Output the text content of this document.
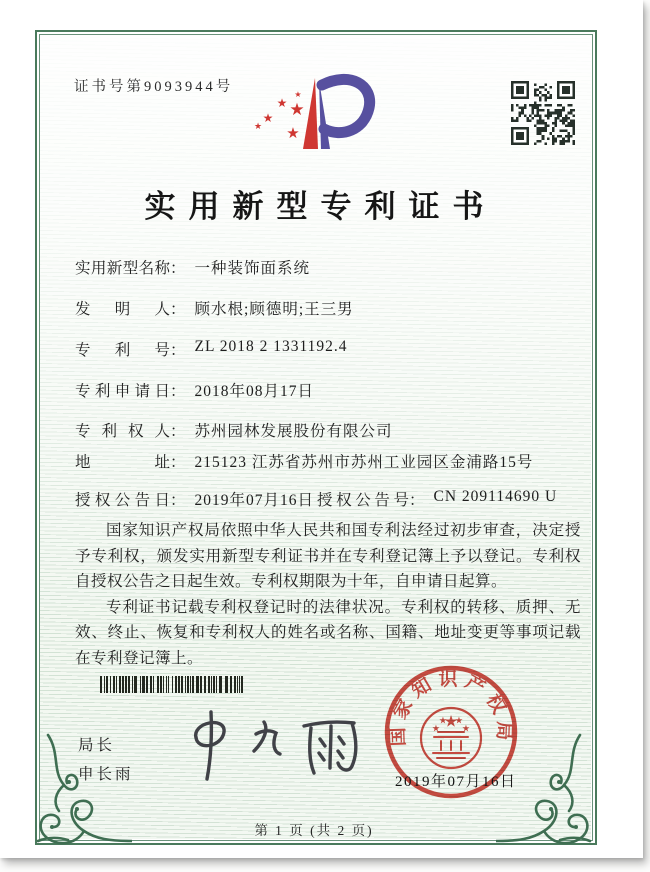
证书号第9093944号
★
★
★
★ ★
★
实用新型专利证书
实用新型名称 ： 一种装饰面系统
发明人 ： 顾水根;顾德明;王三男
专利号 ： ZL 2018 2 1331192.4
专利申请日 ： 2018年08月17日
专利权人 ： 苏州园林发展股份有限公司
地址 ： 215123 江苏省苏州市苏州工业园区金浦路15号
授权公告日 ： 2019年07月16日 授权公告号 ： CN 209114690 U

国家知识产权局依照中华人民共和国专利法经过初步审查，决定授予专利权，颁发实用新型专利证书并在专利登记簿上予以登记。专利权自授权公告之日起生效。专利权期限为十年，自申请日起算。

专利证书记载专利权登记时的法律状况。专利权的转移、质押、无效、终止、恢复和专利权人的姓名或名称、国籍、地址变更等事项记载在专利登记簿上。

国家知识产权局
★
★
★ ★
★
2019年07月16日
局长
申长雨
第 1 页 (共 2 页)
